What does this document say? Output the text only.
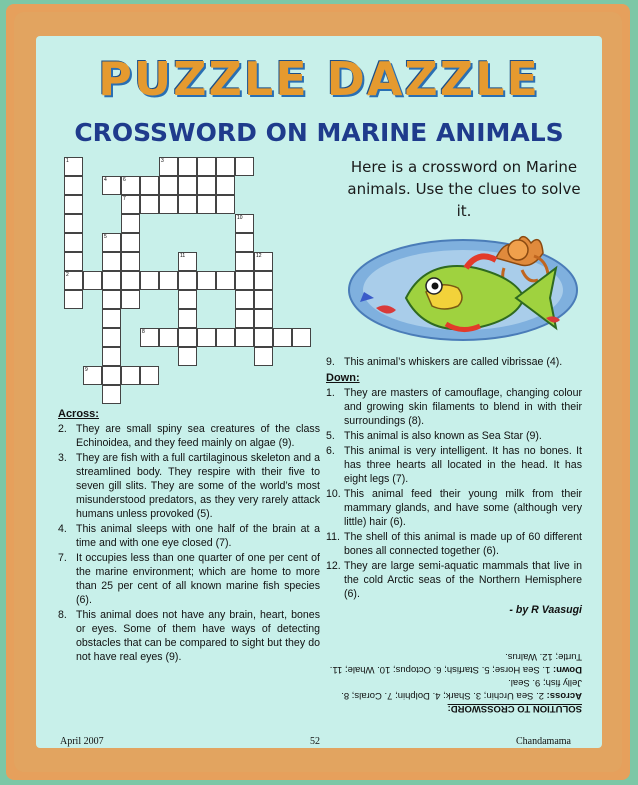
PUZZLE DAZZLE
CROSSWORD ON MARINE ANIMALS
Here is a crossword on Marine animals. Use the clues to solve it.
1
2
3
4	6
5
7
8
10
11	12
9
Across:
2. They are small spiny sea creatures of the class Echinoidea, and they feed mainly on algae (9).
3. They are fish with a full cartilaginous skeleton and a streamlined body. They respire with their five to seven gill slits. They are some of the world’s most misunderstood predators, as they very rarely attack humans unless provoked (5).
4. This animal sleeps with one half of the brain at a time and with one eye closed (7).
7. It occupies less than one quarter of one per cent of the marine environment; which are home to more than 25 per cent of all known marine fish species (6).
8. This animal does not have any brain, heart, bones or eyes. Some of them have ways of detecting obstacles that can be compared to sight but they do not have real eyes (9).
9. This animal’s whiskers are called vibrissae (4).
Down:
1. They are masters of camouflage, changing colour and growing skin filaments to blend in with their surroundings (8).
5. This animal is also known as Sea Star (9).
6. This animal is very intelligent. It has no bones. It has three hearts all located in the head. It has eight legs (7).
10. This animal feed their young milk from their mammary glands, and have some (although very little) hair (6).
11. The shell of this animal is made up of 60 different bones all connected together (6).
12. They are large semi-aquatic mammals that live in the cold Arctic seas of the Northern Hemisphere (6).
- by R Vaasugi
SOLUTION TO CROSSWORD:
Across: 2. Sea Urchin; 3. Shark; 4. Dolphin; 7. Corals; 8. Jelly fish; 9. Seal.
Down: 1. Sea Horse; 5. Starfish; 6. Octopus; 10. Whale; 11. Turtle; 12. Walrus.
April 2007	52	Chandamama
